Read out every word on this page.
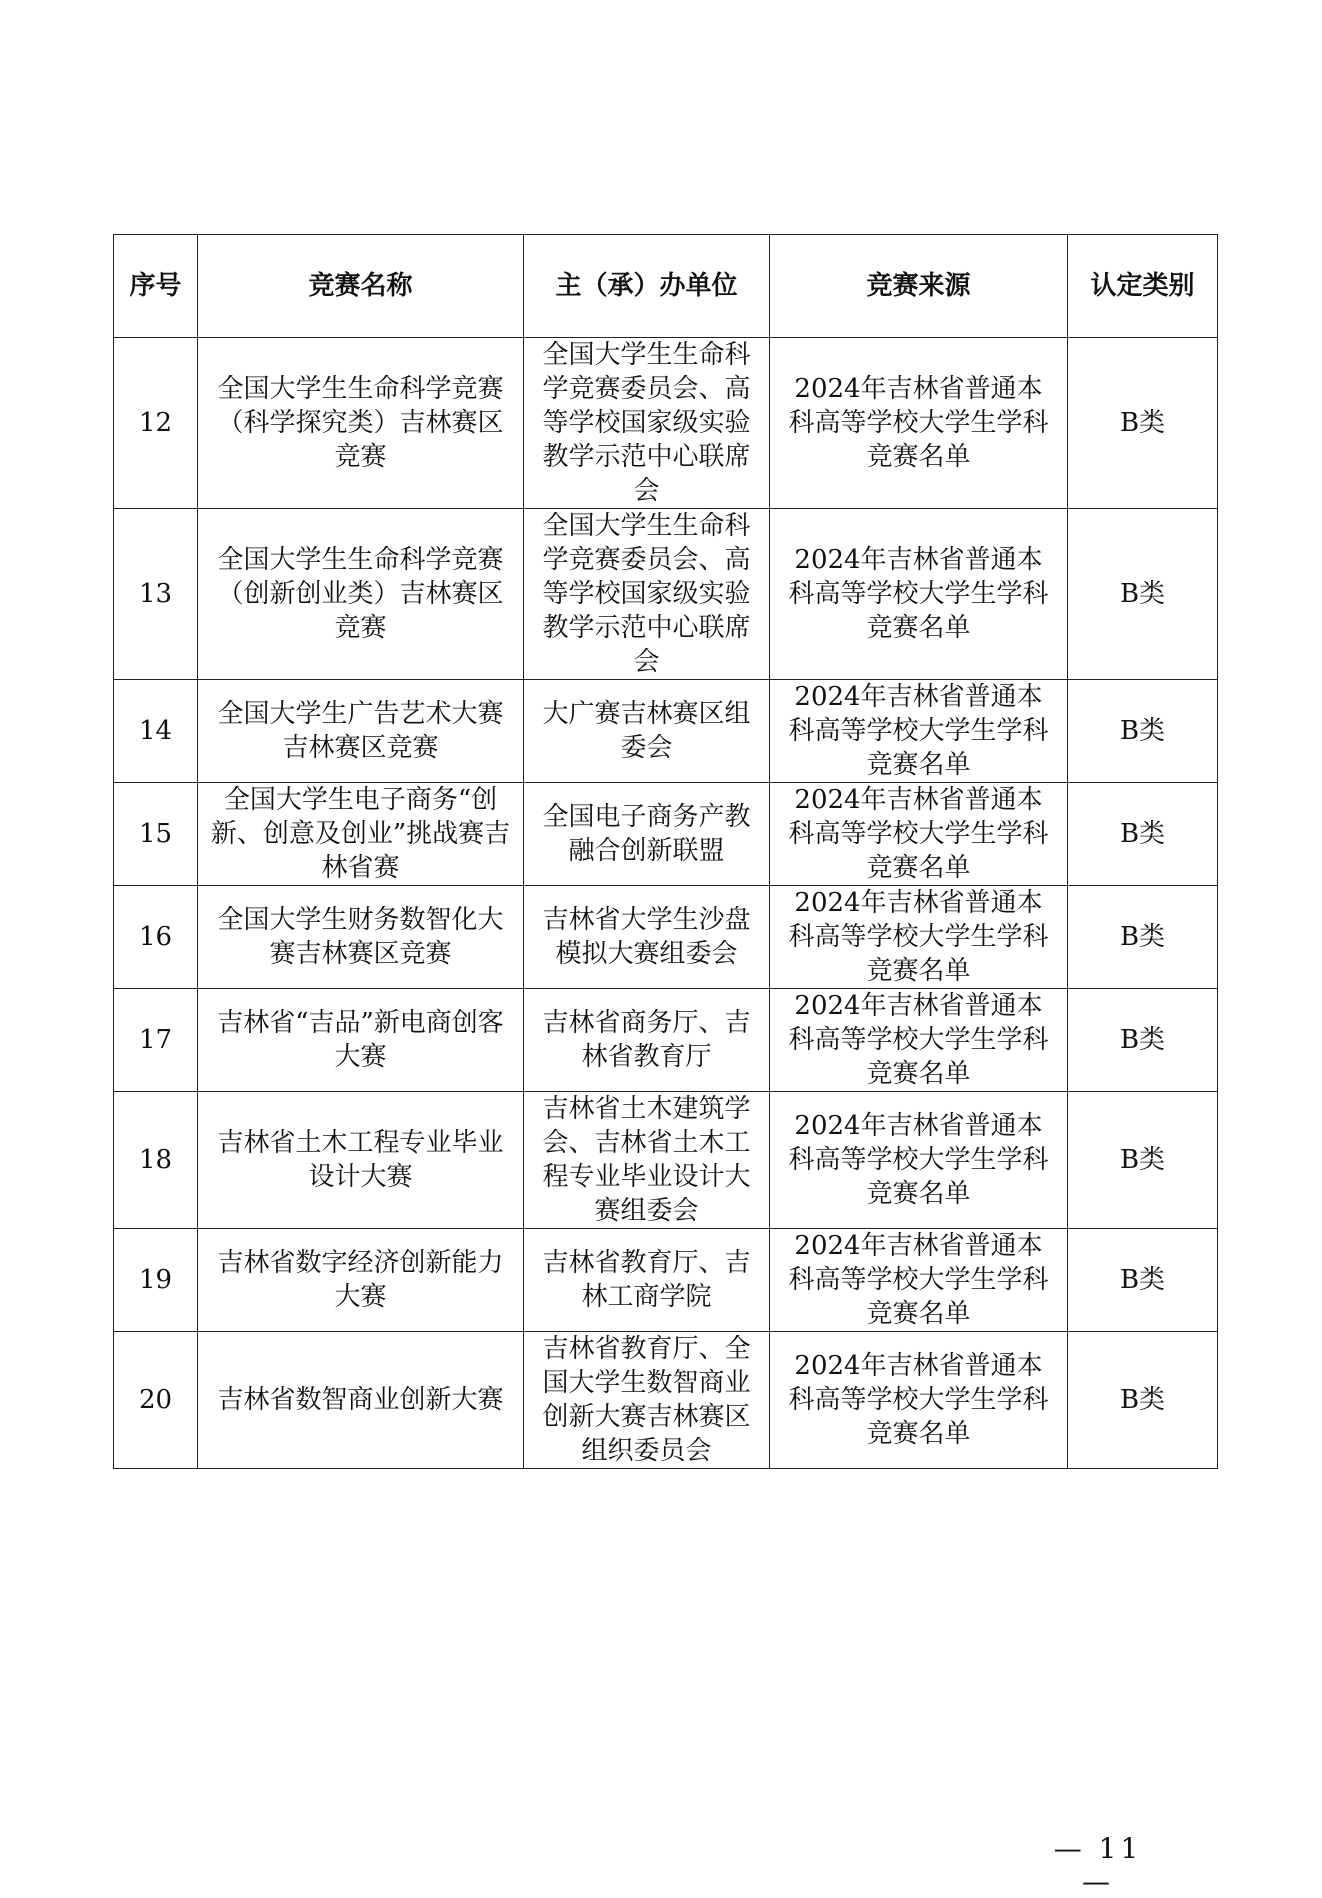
序号	竞赛名称	主（承）办单位	竞赛来源	认定类别
12	全国大学生生命科学竞赛（科学探究类）吉林赛区竞赛	全国大学生生命科学竞赛委员会、高等学校国家级实验教学示范中心联席会	2024年吉林省普通本科高等学校大学生学科竞赛名单	B类
13	全国大学生生命科学竞赛（创新创业类）吉林赛区竞赛	全国大学生生命科学竞赛委员会、高等学校国家级实验教学示范中心联席会	2024年吉林省普通本科高等学校大学生学科竞赛名单	B类
14	全国大学生广告艺术大赛吉林赛区竞赛	大广赛吉林赛区组委会	2024年吉林省普通本科高等学校大学生学科竞赛名单	B类
15	全国大学生电子商务“创新、创意及创业”挑战赛吉林省赛	全国电子商务产教融合创新联盟	2024年吉林省普通本科高等学校大学生学科竞赛名单	B类
16	全国大学生财务数智化大赛吉林赛区竞赛	吉林省大学生沙盘模拟大赛组委会	2024年吉林省普通本科高等学校大学生学科竞赛名单	B类
17	吉林省“吉品”新电商创客大赛	吉林省商务厅、吉林省教育厅	2024年吉林省普通本科高等学校大学生学科竞赛名单	B类
18	吉林省土木工程专业毕业设计大赛	吉林省土木建筑学会、吉林省土木工程专业毕业设计大赛组委会	2024年吉林省普通本科高等学校大学生学科竞赛名单	B类
19	吉林省数字经济创新能力大赛	吉林省教育厅、吉林工商学院	2024年吉林省普通本科高等学校大学生学科竞赛名单	B类
20	吉林省数智商业创新大赛	吉林省教育厅、全国大学生数智商业创新大赛吉林赛区组织委员会	2024年吉林省普通本科高等学校大学生学科竞赛名单	B类
— 11 —
